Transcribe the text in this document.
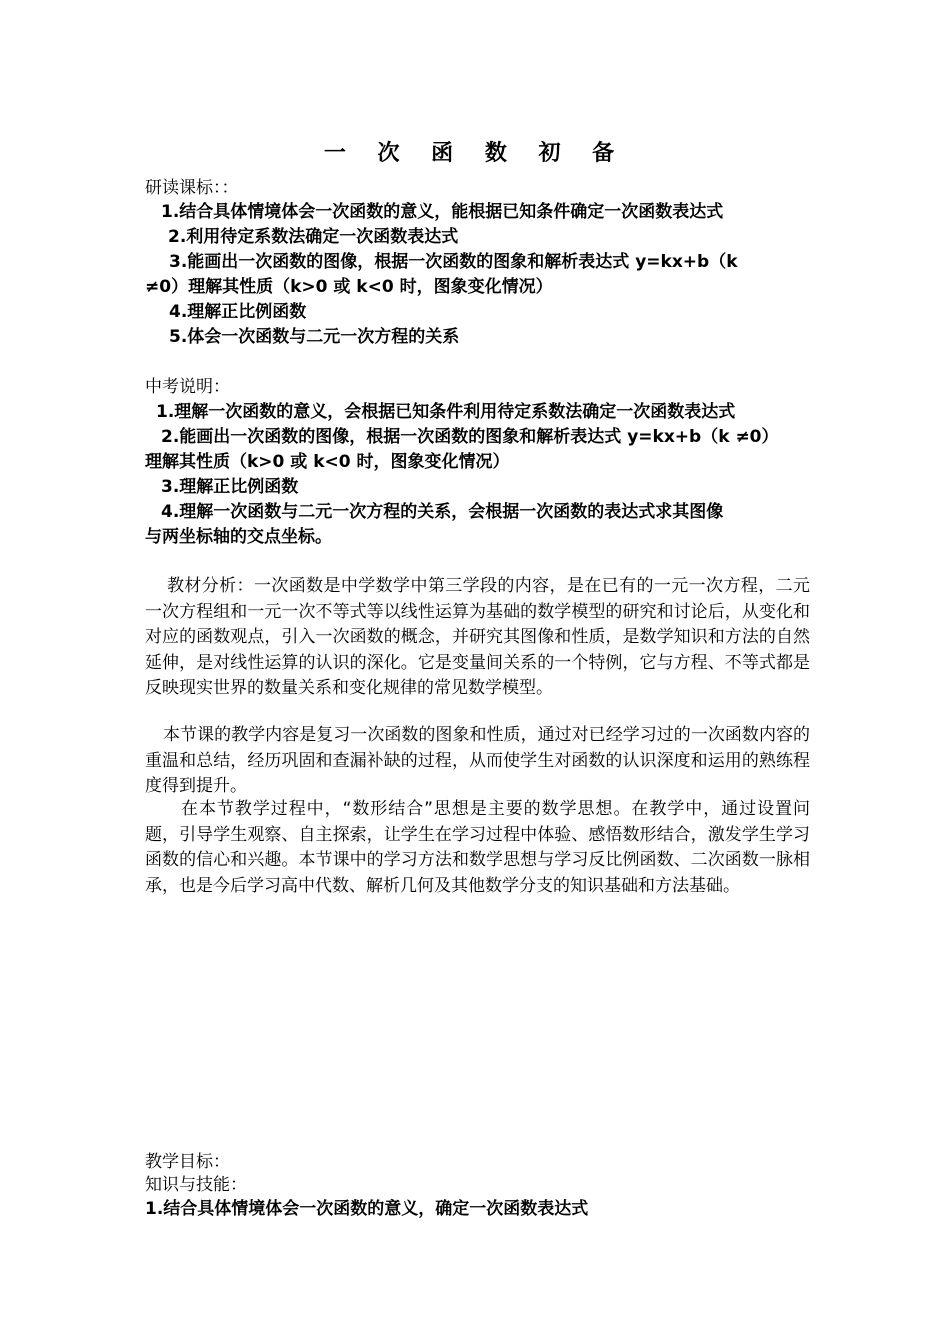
一 次 函 数 初 备
研读课标：：
1.结合具体情境体会一次函数的意义，能根据已知条件确定一次函数表达式
2.利用待定系数法确定一次函数表达式
3.能画出一次函数的图像，根据一次函数的图象和解析表达式 y=kx+b（k
≠0）理解其性质（k>0 或 k<0 时，图象变化情况）
4.理解正比例函数
5.体会一次函数与二元一次方程的关系
中考说明：
1.理解一次函数的意义，会根据已知条件利用待定系数法确定一次函数表达式
2.能画出一次函数的图像，根据一次函数的图象和解析表达式 y=kx+b（k ≠0）
理解其性质（k>0 或 k<0 时，图象变化情况）
3.理解正比例函数
4.理解一次函数与二元一次方程的关系，会根据一次函数的表达式求其图像
与两坐标轴的交点坐标。
教材分析：一次函数是中学数学中第三学段的内容，是在已有的一元一次方程，二元一次方程组和一元一次不等式等以线性运算为基础的数学模型的研究和讨论后，从变化和对应的函数观点，引入一次函数的概念，并研究其图像和性质，是数学知识和方法的自然延伸，是对线性运算的认识的深化。它是变量间关系的一个特例，它与方程、不等式都是反映现实世界的数量关系和变化规律的常见数学模型。
本节课的教学内容是复习一次函数的图象和性质，通过对已经学习过的一次函数内容的重温和总结，经历巩固和查漏补缺的过程，从而使学生对函数的认识深度和运用的熟练程度得到提升。
在本节教学过程中，“数形结合”思想是主要的数学思想。在教学中，通过设置问题，引导学生观察、自主探索，让学生在学习过程中体验、感悟数形结合，激发学生学习函数的信心和兴趣。本节课中的学习方法和数学思想与学习反比例函数、二次函数一脉相承，也是今后学习高中代数、解析几何及其他数学分支的知识基础和方法基础。
教学目标：
知识与技能：
1.结合具体情境体会一次函数的意义，确定一次函数表达式
